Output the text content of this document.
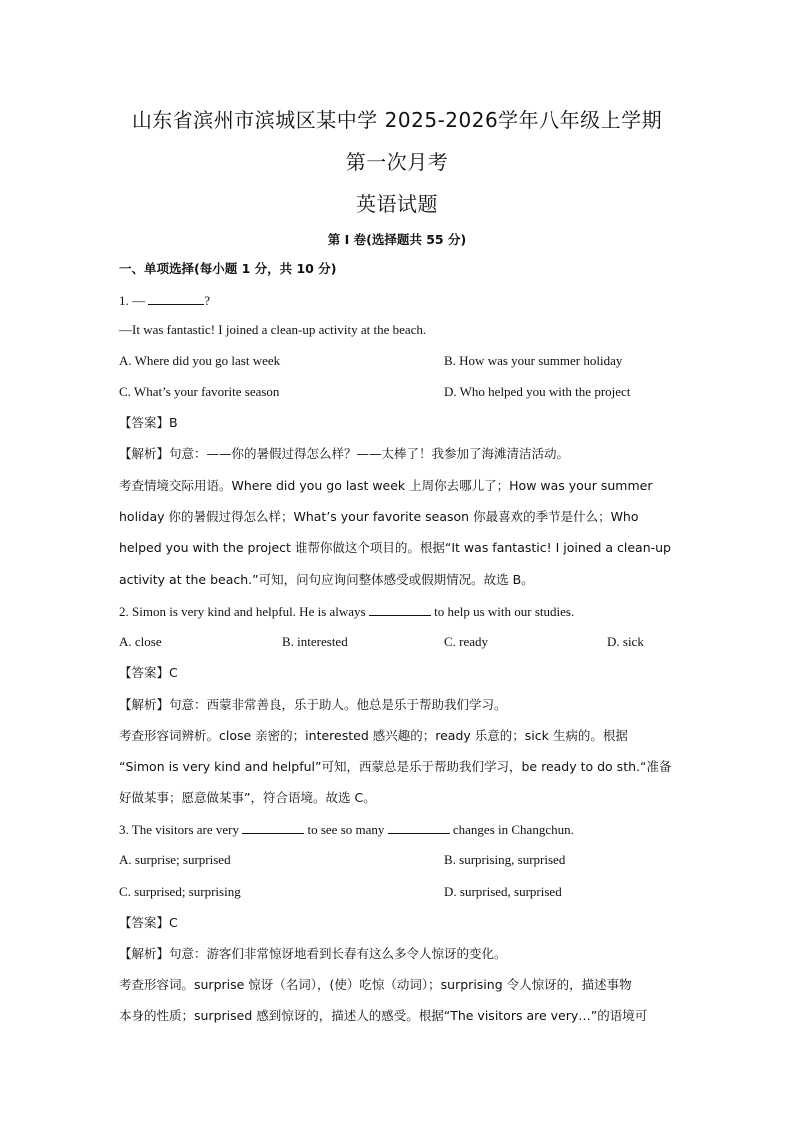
山东省滨州市滨城区某中学 2025-2026学年八年级上学期
第一次月考
英语试题
第 I 卷(选择题共 55 分)
一、单项选择(每小题 1 分，共 10 分)
1. —	?
—It was fantastic! I joined a clean-up activity at the beach.
A. Where did you go last week	B. How was your summer holiday
C. What’s your favorite season	D. Who helped you with the project
【答案】B
【解析】句意：——你的暑假过得怎么样？——太棒了！我参加了海滩清洁活动。
考查情境交际用语。Where did you go last week 上周你去哪儿了；How was your summer
holiday 你的暑假过得怎么样；What’s your favorite season 你最喜欢的季节是什么；Who
helped you with the project 谁帮你做这个项目的。根据“It was fantastic! I joined a clean-up
activity at the beach.”可知，问句应询问整体感受或假期情况。故选 B。
2. Simon is very kind and helpful. He is always	to help us with our studies.
A. close	B. interested	C. ready	D. sick
【答案】C
【解析】句意：西蒙非常善良，乐于助人。他总是乐于帮助我们学习。
考查形容词辨析。close 亲密的；interested 感兴趣的；ready 乐意的；sick 生病的。根据
“Simon is very kind and helpful”可知，西蒙总是乐于帮助我们学习，be ready to do sth.“准备
好做某事；愿意做某事”，符合语境。故选 C。
3. The visitors are very	to see so many	changes in Changchun.
A. surprise; surprised	B. surprising, surprised
C. surprised; surprising	D. surprised, surprised
【答案】C
【解析】句意：游客们非常惊讶地看到长春有这么多令人惊讶的变化。
考查形容词。surprise 惊讶（名词），(使）吃惊（动词）；surprising 令人惊讶的，描述事物
本身的性质；surprised 感到惊讶的，描述人的感受。根据“The visitors are very…”的语境可
